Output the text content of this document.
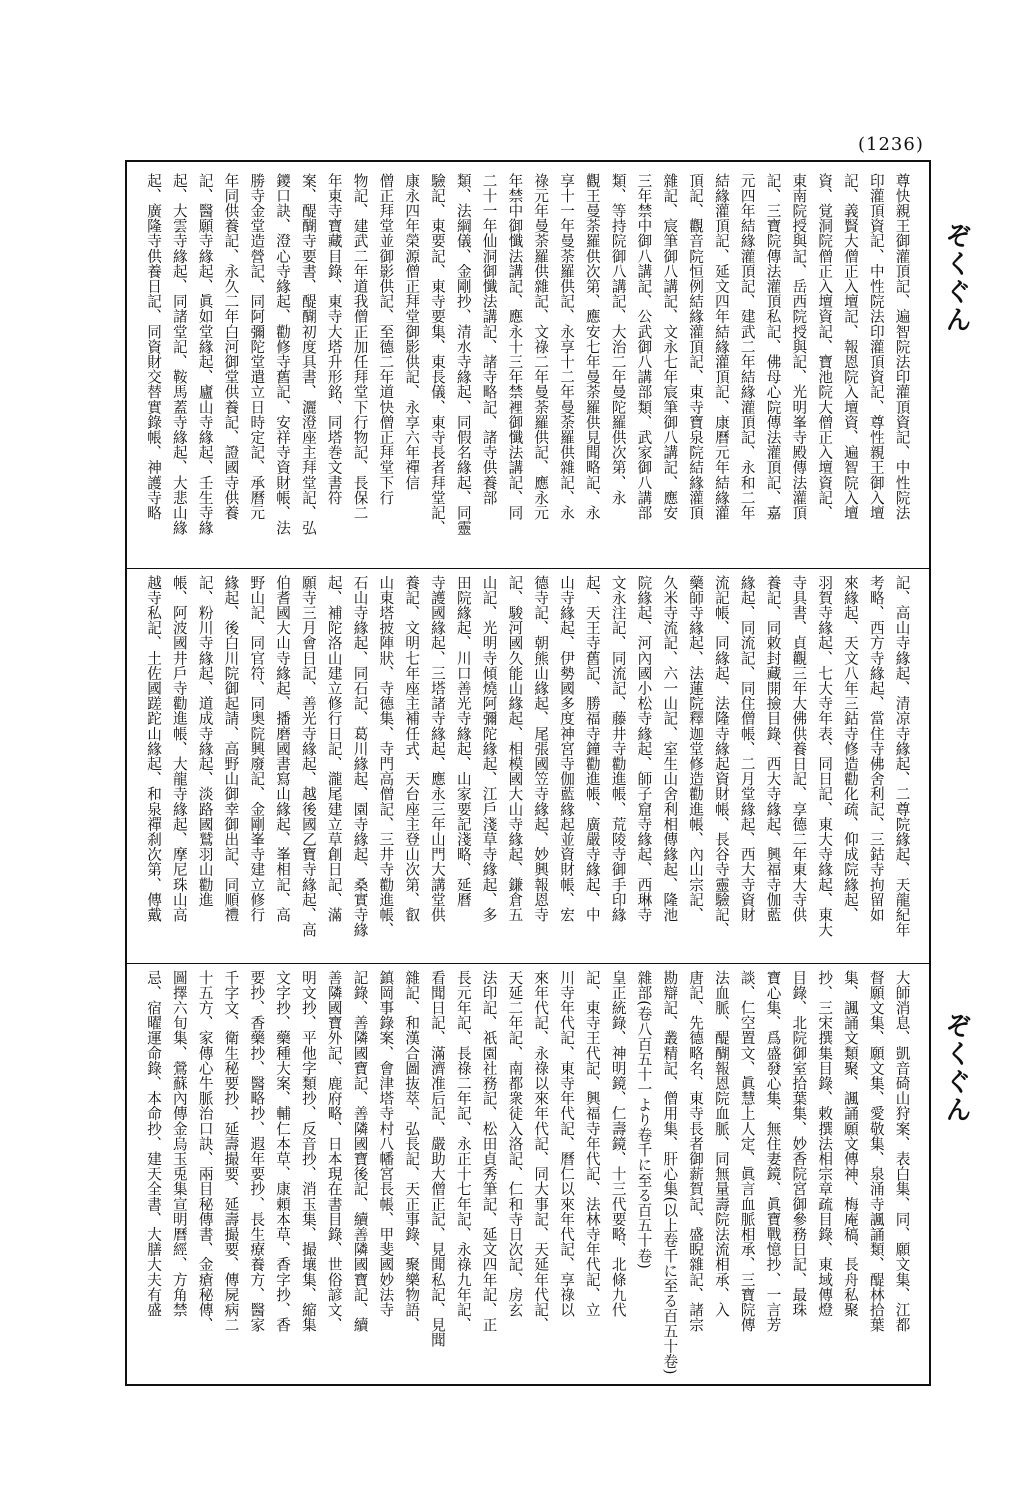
(1236)
ぞくぐん
ぞくぐん
尊快親王御灌頂記、遍智院法印灌頂資記、中性院法
印灌頂資記、中性院法印灌頂資記、尊性親王御入壇
記、義賢大僧正入壇記、報恩院入壇資、遍智院入壇
資、覚洞院僧正入壇資記、寶池院大僧正入壇資記、
東南院授與記、岳西院授與記、光明峯寺殿傳法灌頂
記、三寶院傳法灌頂私記、佛母心院傳法灌頂記、嘉
元四年結緣灌頂記、建武二年結緣灌頂記、永和二年
結緣灌頂記、延文四年結緣灌頂記、康曆元年結緣灌
頂記、觀音院恒例結緣灌頂記、東寺寶泉院結緣灌頂
雜記、宸筆御八講記、文永七年宸筆御八講記、應安
三年禁中御八講記、公武御八講部類、武家御八講部
類、等持院御八講記、大治二年曼陀羅供次第、永
觀王曼荼羅供次第、應安七年曼荼羅供見聞略記、永
享十一年曼荼羅供記、永享十二年曼荼羅供雜記、永
祿元年曼荼羅供雜記、文祿二年曼荼羅供記、應永元
年禁中御懺法講記、應永十三年禁裡御懺法講記、同
二十一年仙洞御懺法講記、諸寺略記、諸寺供養部
類、法綱儀、金剛抄、清水寺緣起、同假名緣起、同靈
驗記、東要記、東寺要集、東長儀、東寺長者拜堂記、
康永四年榮源僧正拜堂御影供記、永享六年禪信
僧正拜堂並御影供記、至德二年道快僧正拜堂下行
物記、建武二年道我僧正加任拜堂下行物記、長保二
年東寺寶藏目錄、東寺大塔升形銘、同塔巻文書符
案、醍醐寺要書、醍醐初度具書、灑澄座主拜堂記、弘
鑁口訣、澄心寺緣起、勸修寺舊記、安祥寺資財帳、法
勝寺金堂造營記、同阿彌陀堂遣立日時定記、承曆元
年同供養記、永久二年白河御堂供養記、證國寺供養
記、醫願寺緣起、眞如堂緣起、廬山寺緣起、壬生寺緣
起、大雲寺緣起、同諸堂記、鞍馬蓋寺緣起、大悲山緣
起、廣隆寺供養日記、同資財交替實錄帳、神護寺略
記、高山寺緣起、清凉寺緣起、二尊院緣起、天龍紀年
考略、西方寺緣起、當住寺佛舍利記、三鈷寺拘留如
來緣起、天文八年三鈷寺修造勸化疏、仰成院緣起、
羽賀寺緣起、七大寺年表、同日記、東大寺緣起、東大
寺具書、貞觀三年大佛供養日記、享德二年東大寺供
養記、同敕封藏開撿目錄、西大寺緣起、興福寺伽藍
緣起、同流記、同住僧帳、二月堂緣起、西大寺資財
流記帳、同緣起、法隆寺緣起資財帳、長谷寺靈驗記、
藥師寺緣起、法蓮院釋迦堂修造勸進帳、內山宗記、
久米寺流記、六一山記、室生山舍利相傳緣起、隆池
院緣起、河內國小松寺緣起、師子窟寺緣起、西琳寺
文永注記、同流記、藤井寺勸進帳、荒陵寺御手印緣
起、天王寺舊記、勝福寺鐘勸進帳、廣嚴寺緣起、中
山寺緣起、伊勢國多度神宮寺伽藍緣起並資財帳、宏
德寺記、朝熊山緣起、尾張國笠寺緣起、妙興報恩寺
記、駿河國久能山緣起、相模國大山寺緣起、鎌倉五
山記、光明寺傾燒阿彌陀緣起、江戶淺草寺緣起、多
田院緣起、川口善光寺緣起、山家要記淺略、延曆
寺護國緣起、三塔諸寺緣起、應永三年山門大講堂供
養記、文明七年座主補任式、天台座主登山次第、叡
山東塔披陣狀、寺德集、寺門高僧記、三井寺勸進帳、
石山寺緣起、同石記、葛川緣起、園寺緣起、桑實寺緣
起、補陀洛山建立修行日記、瀧尾建立草創日記、滿
願寺三月會日記、善光寺緣起、越後國乙寶寺緣起、高
伯耆國大山寺緣起、播磨國書寫山緣起、峯相記、高
野山記、同官符、同奥院興廢記、金剛峯寺建立修行
緣起、後白川院御起請、高野山御幸御出記、同順禮
記、粉川寺緣起、道成寺緣起、淡路國鷲羽山勸進
帳、阿波國井戶寺勸進帳、大龍寺緣起、摩尼珠山高
越寺私記、土佐國蹉跎山緣起、和泉禪刹次第、傳戴
大師消息、凱音碕山狩案、表白集、同、願文集、江都
督願文集、願文集、愛敬集、泉涌寺諷誦類、醍林拾葉
集、諷誦文類聚、諷誦願文傳神、梅庵稿、長舟私聚
抄、三宋撰集目錄、敕撰法相宗章疏目錄、東域傳燈
目錄、北院御室拾葉集、妙香院宮御參務日記、最珠
寶心集、爲盛發心集、無住妻鏡、眞寶戰憶抄、一言芳
談、仁空置文、眞慧上人定、眞言血脈相承、三寶院傳
法血脈、醍醐報恩院血脈、同無量壽院法流相承、入
唐記、先德略名、東寺長者御薪賀記、盛睨雜記、諸宗
勘辯記、叢精記、僧用集、肝心集(以上卷千に至る百五十卷)
雜部(卷八百五十一より卷千に至る百五十卷)
皇正統錄、神明鏡、仁壽鏡、十三代要略、北條九代
記、東寺王代記、興福寺年代記、法林寺年代記、立
川寺年代記、東寺年代記、曆仁以來年代記、享祿以
來年代記、永祿以來年代記、同大事記、天延年代記、
天延二年記、南都衆徒入洛記、仁和寺日次記、房玄
法印記、祇園社務記、松田貞秀筆記、延文四年記、正
長元年記、長祿二年記、永正十七年記、永祿九年記、
看聞日記、滿濟准后記、嚴助大僧正記、見聞私記、見聞
雜記、和漢合圖抜萃、弘長記、天正事錄、聚樂物語、
鎮岡事錄案、會津塔寺村八幡宮長帳、甲斐國妙法寺
記錄、善隣國寶記、善隣國寶後記、續善隣國寶記、續
善隣國寶外記、鹿府略、日本現在書目錄、世俗諺文、
明文抄、平他字類抄、反音抄、消玉集、撮壤集、縮集
文字抄、藥種大案、輔仁本草、康頼本草、香字抄、香
要抄、香藥抄、醫略抄、遐年要抄、長生療養方、醫家
千字文、衛生秘要抄、延壽撮要、延壽撮要、傳屍病二
十五方、家傳心牛脈治口訣、兩目秘傳書、金瘡秘傳、
圖擇六旬集、鶯蘇內傳金烏玉兎集宣明曆經、方角禁
忌、宿曜運命錄、本命抄、建天全書、大膳大夫有盛
